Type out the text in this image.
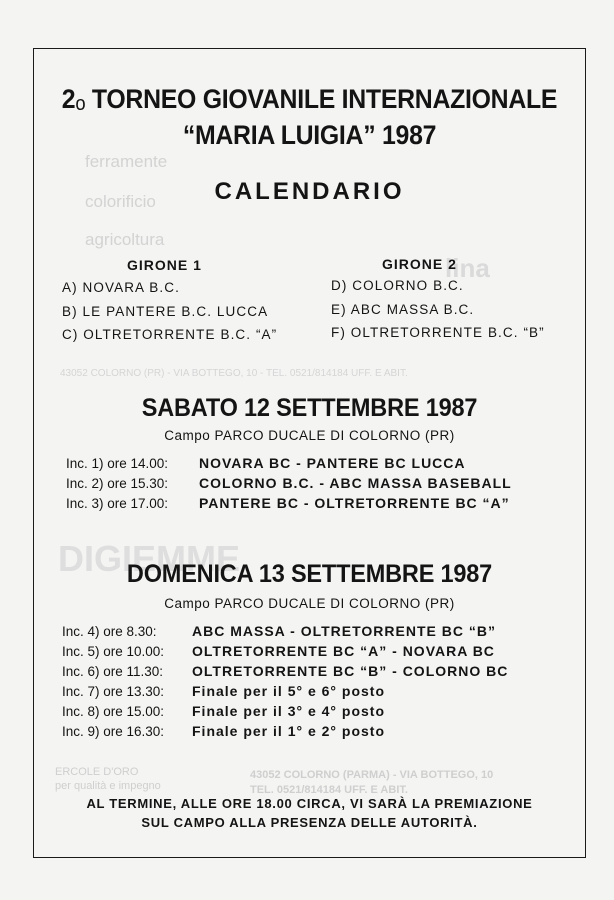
ferramente
colorificio
agricoltura
lina
DIGIEMME
43052 COLORNO (PR) - VIA BOTTEGO, 10 - TEL. 0521/814184 UFF. E ABIT.
ERCOLE D'ORO
per qualità e impegno
43052 COLORNO (PARMA) - VIA BOTTEGO, 10
TEL. 0521/814184 UFF. E ABIT.
2o TORNEO GIOVANILE INTERNAZIONALE
“MARIA LUIGIA” 1987
CALENDARIO
GIRONE 1
A) NOVARA B.C.
B) LE PANTERE B.C. LUCCA
C) OLTRETORRENTE B.C. “A”
GIRONE 2
D) COLORNO B.C.
E) ABC MASSA B.C.
F) OLTRETORRENTE B.C. “B”
SABATO 12 SETTEMBRE 1987
Campo PARCO DUCALE DI COLORNO (PR)
Inc. 1) ore 14.00: NOVARA BC - PANTERE BC LUCCA
Inc. 2) ore 15.30: COLORNO B.C. - ABC MASSA BASEBALL
Inc. 3) ore 17.00: PANTERE BC - OLTRETORRENTE BC “A”
DOMENICA 13 SETTEMBRE 1987
Campo PARCO DUCALE DI COLORNO (PR)
Inc. 4) ore 8.30:	ABC MASSA - OLTRETORRENTE BC “B”
Inc. 5) ore 10.00: OLTRETORRENTE BC “A” - NOVARA BC
Inc. 6) ore 11.30: OLTRETORRENTE BC “B” - COLORNO BC
Inc. 7) ore 13.30: Finale per il 5° e 6° posto
Inc. 8) ore 15.00: Finale per il 3° e 4° posto
Inc. 9) ore 16.30: Finale per il 1° e 2° posto
AL TERMINE, ALLE ORE 18.00 CIRCA, VI SARÀ LA PREMIAZIONE
SUL CAMPO ALLA PRESENZA DELLE AUTORITÀ.
